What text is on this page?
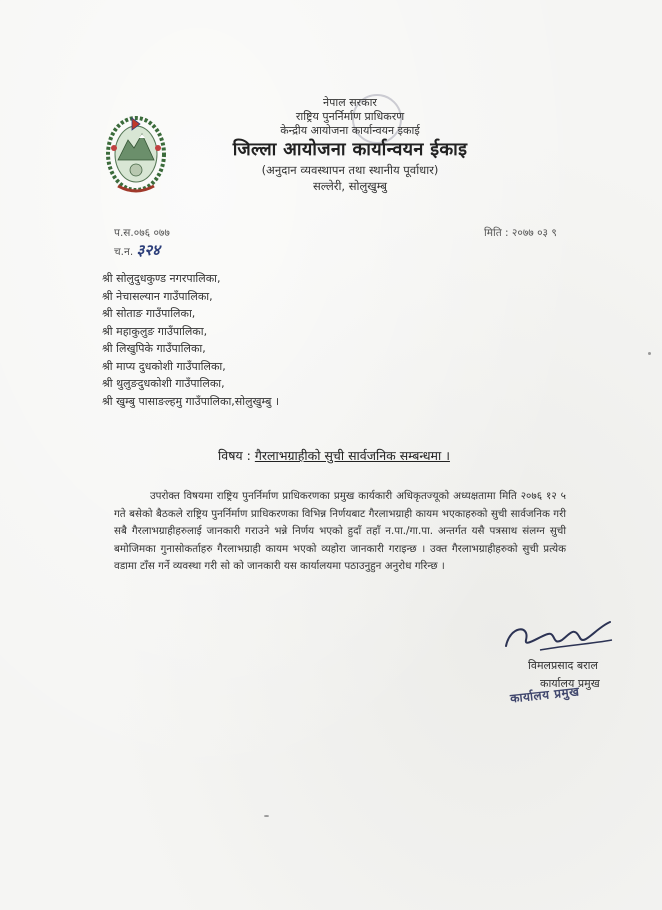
नेपाल सरकार
राष्ट्रिय पुनर्निर्माण प्राधिकरण
केन्द्रीय आयोजना कार्यान्वयन इकाई
जिल्ला आयोजना कार्यान्वयन ईकाइ
(अनुदान व्यवस्थापन तथा स्थानीय पूर्वाधार)
सल्लेरी, सोलुखुम्बु
प.स.०७६ ०७७
च.न. ३२४
मिति : २०७७ ०३ ९
श्री सोलुदुधकुण्ड नगरपालिका,
श्री नेचासल्यान गाउँपालिका,
श्री सोताङ गाउँपालिका,
श्री महाकुलुङ गाउँपालिका,
श्री लिखुपिके गाउँपालिका,
श्री माप्य दुधकोशी गाउँपालिका,
श्री थुलुङदुधकोशी गाउँपालिका,
श्री खुम्बु पासाङल्हमु गाउँपालिका,सोलुखुम्बु ।
विषय : गैरलाभग्राहीको सुची सार्वजनिक सम्बन्धमा ।
उपरोक्त विषयमा राष्ट्रिय पुनर्निर्माण प्राधिकरणका प्रमुख कार्यकारी अधिकृतज्यूको अध्यक्षतामा मिति २०७६ १२ ५ गते बसेको बैठकले राष्ट्रिय पुनर्निर्माण प्राधिकरणका विभिन्न निर्णयबाट गैरलाभग्राही कायम भएकाहरुको सुची सार्वजनिक गरी सबै गैरलाभग्राहीहरुलाई जानकारी गराउने भन्ने निर्णय भएको हुदाँ तहाँ न.पा./गा.पा. अन्तर्गत यसै पत्रसाथ संलग्न सुची बमोजिमका गुनासोकर्ताहरु गैरलाभग्राही कायम भएको व्यहोरा जानकारी गराइन्छ । उक्त गैरलाभग्राहीहरुको सुची प्रत्येक वडामा टाँस गर्ने व्यवस्था गरी सो को जानकारी यस कार्यालयमा पठाउनुहुन अनुरोध गरिन्छ ।
विमलप्रसाद बराल
कार्यालय प्रमुख
कार्यालय प्रमुख
